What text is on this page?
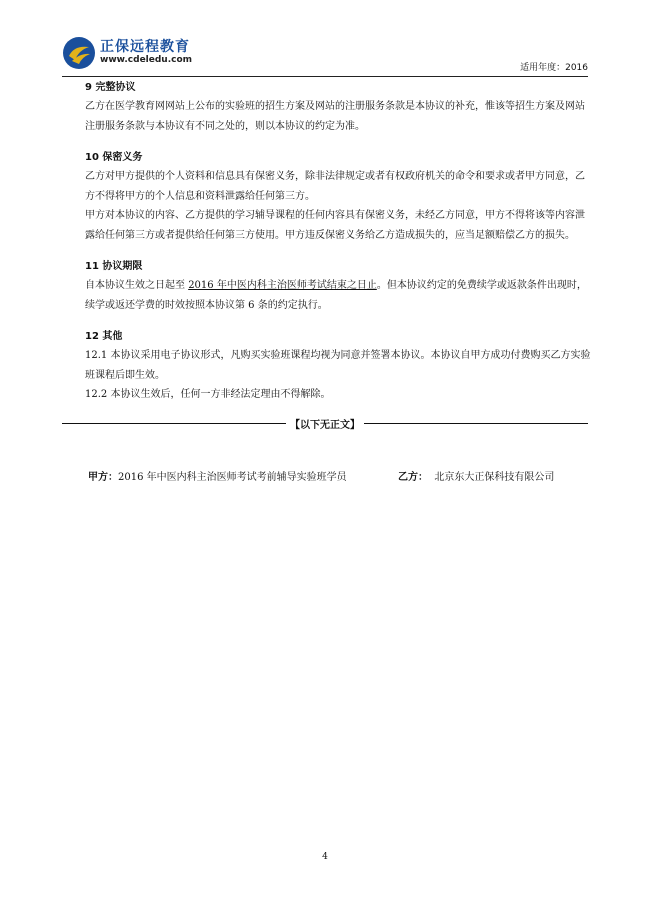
正保远程教育
www.cdeledu.com
适用年度：2016

9 完整协议

乙方在医学教育网网站上公布的实验班的招生方案及网站的注册服务条款是本协议的补充，惟该等招生方案及网站注册服务条款与本协议有不同之处的，则以本协议的约定为准。

10 保密义务

乙方对甲方提供的个人资料和信息具有保密义务，除非法律规定或者有权政府机关的命令和要求或者甲方同意，乙方不得将甲方的个人信息和资料泄露给任何第三方。

甲方对本协议的内容、乙方提供的学习辅导课程的任何内容具有保密义务，未经乙方同意，甲方不得将该等内容泄露给任何第三方或者提供给任何第三方使用。甲方违反保密义务给乙方造成损失的，应当足额赔偿乙方的损失。

11 协议期限

自本协议生效之日起至 2016 年中医内科主治医师考试结束之日止。但本协议约定的免费续学或返款条件出现时，续学或返还学费的时效按照本协议第 6 条的约定执行。

12 其他

12.1 本协议采用电子协议形式，凡购买实验班课程均视为同意并签署本协议。本协议自甲方成功付费购买乙方实验班课程后即生效。

12.2 本协议生效后，任何一方非经法定理由不得解除。

【以下无正文】
甲方：2016 年中医内科主治医师考试考前辅导实验班学员	乙方： 北京东大正保科技有限公司
4
